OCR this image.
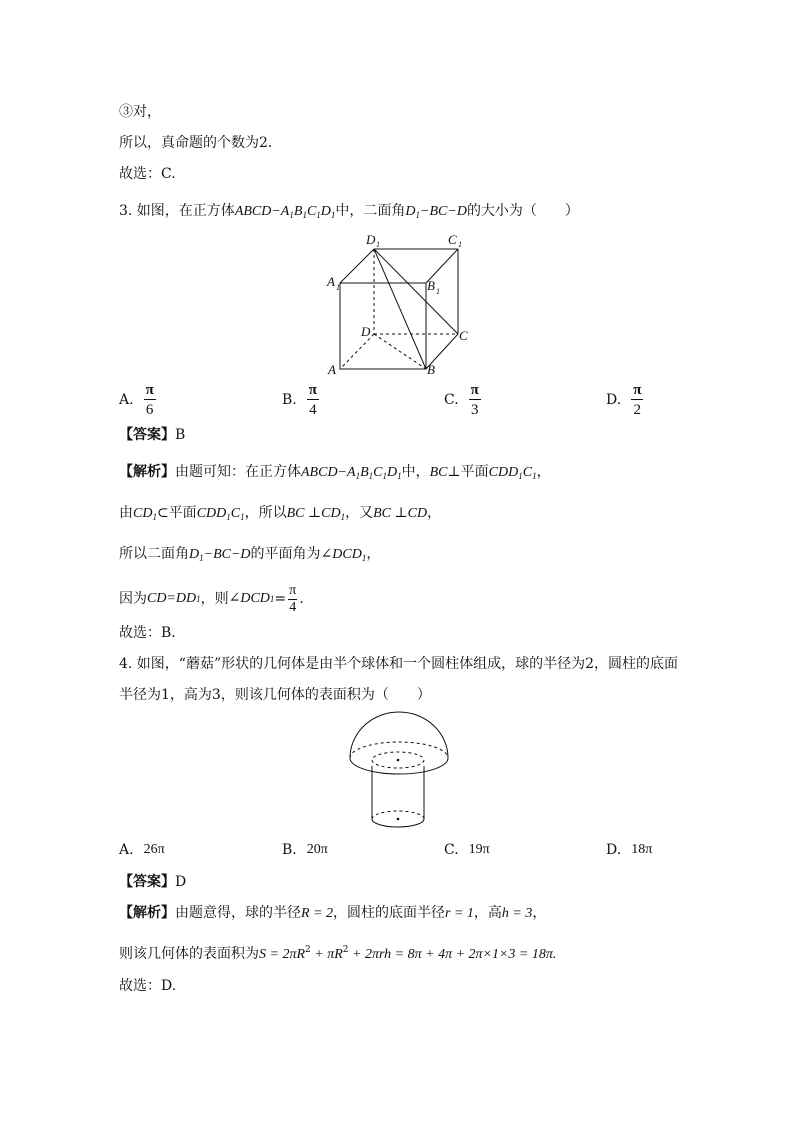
③对，
所以，真命题的个数为2．
故选：C.
3. 如图，在正方体$ABCD-A_1B_1C_1D_1$中，二面角$D_1-BC-D$的大小为（　　）
D 1	C 1
A 1	B 1
D	C
A	B
A. $\frac{\pi}{6}$	B. $\frac{\pi}{4}$	C. $\frac{\pi}{3}$	D. $\frac{\pi}{2}$
【答案】B
【解析】由题可知：在正方体$ABCD-A_1B_1C_1D_1$中，BC⊥平面$CDD_1C_1$，
由$CD_1\subset$平面$CDD_1C_1$，所以BC $\perp CD_1$，又BC ⊥CD，
所以二面角$D_1-BC-D$的平面角为$\angle DCD_1$，
因为 CD=DD 1 ，则 ∠DCD $1 = \frac{\pi}{4}$ .
故选：B.
4. 如图，“蘑菇”形状的几何体是由半个球体和一个圆柱体组成，球的半径为2，圆柱的底面
半径为1，高为3，则该几何体的表面积为（　　）
A. 26π	B. 20π	C. 19π	D. 18π
【答案】D
【解析】由题意得，球的半径R = 2，圆柱的底面半径r = 1，高h = 3，
则该几何体的表面积为$S = 2\pi R^2 + \pi R^2 + 2\pi rh = 8\pi + 4\pi + 2\pi\times 1\times 3 = 18\pi$.
故选：D.
